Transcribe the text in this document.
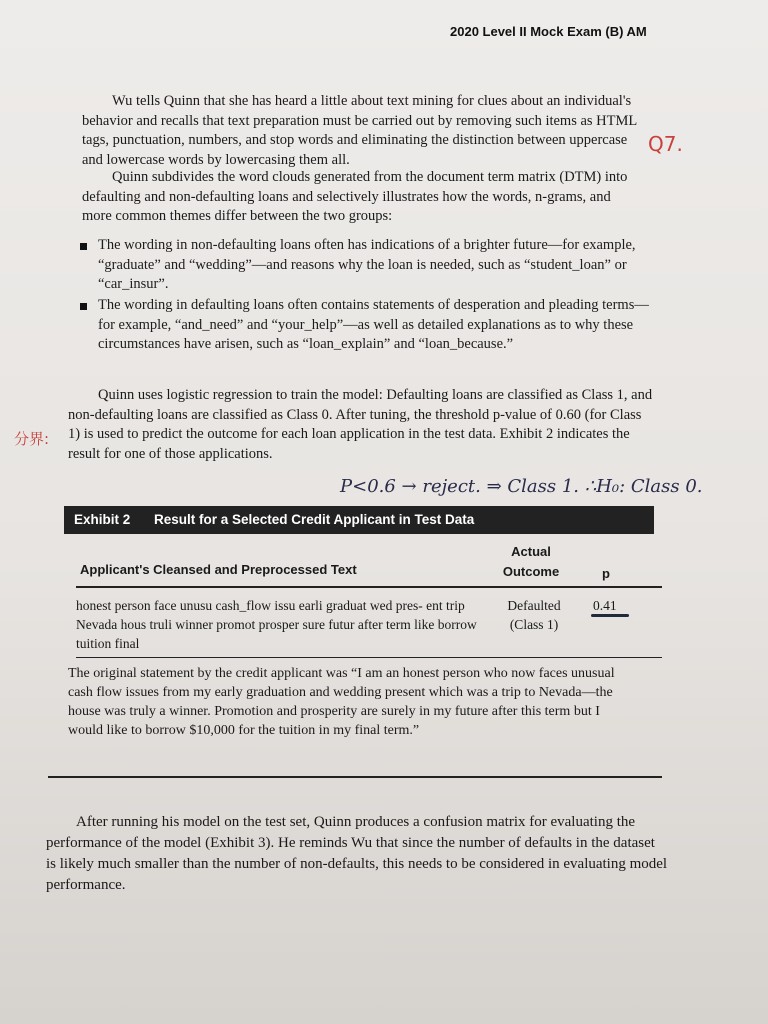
2020 Level II Mock Exam (B) AM

Wu tells Quinn that she has heard a little about text mining for clues about an individual's behavior and recalls that text preparation must be carried out by removing such items as HTML tags, punctuation, numbers, and stop words and eliminating the distinction between uppercase and lowercase words by lowercasing them all.

Q7.

Quinn subdivides the word clouds generated from the document term matrix (DTM) into defaulting and non-defaulting loans and selectively illustrates how the words, n-grams, and more common themes differ between the two groups:

The wording in non-defaulting loans often has indications of a brighter future—for example, “graduate” and “wedding”—and reasons why the loan is needed, such as “student_loan” or “car_insur”.
The wording in defaulting loans often contains statements of desperation and pleading terms—for example, “and_need” and “your_help”—as well as detailed explanations as to why these circumstances have arisen, such as “loan_explain” and “loan_because.”
分界:

Quinn uses logistic regression to train the model: Defaulting loans are classified as Class 1, and non-defaulting loans are classified as Class 0. After tuning, the threshold p-value of 0.60 (for Class 1) is used to predict the outcome for each loan application in the test data. Exhibit 2 indicates the result for one of those applications.

P<0.6 → reject. ⇒ Class 1. ∴H₀: Class 0.
Exhibit 2 Result for a Selected Credit Applicant in Test Data
Applicant's Cleansed and Preprocessed Text
Actual
Outcome	p
honest person face unusu cash_flow issu earli graduat wed pres- ent trip Nevada hous truli winner promot prosper sure futur after term like borrow tuition final
Defaulted
(Class 1)
0.41

The original statement by the credit applicant was “I am an honest person who now faces unusual cash flow issues from my early graduation and wedding present which was a trip to Nevada—the house was truly a winner. Promotion and prosperity are surely in my future after this term but I would like to borrow $10,000 for the tuition in my final term.”

After running his model on the test set, Quinn produces a confusion matrix for evaluating the performance of the model (Exhibit 3). He reminds Wu that since the number of defaults in the dataset is likely much smaller than the number of non-defaults, this needs to be considered in evaluating model performance.
